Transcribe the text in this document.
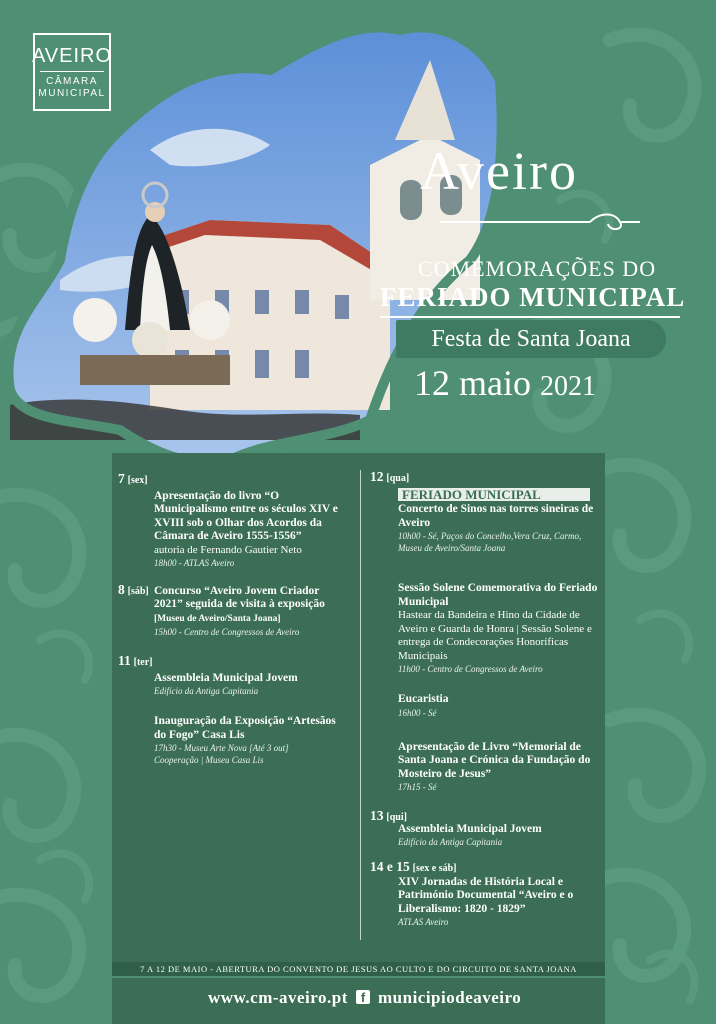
AVEIRO
CÂMARA
MUNICIPAL
Aveiro
COMEMORAÇÕES DO
FERIADO MUNICIPAL
Festa de Santa Joana
12 maio 2021
7 [sex]
Apresentação do livro “O Municipalismo entre os séculos XIV e XVIII sob o Olhar dos Acordos da Câmara de Aveiro 1555-1556”
autoria de Fernando Gautier Neto
18h00 - ATLAS Aveiro
8 [sáb] Concurso “Aveiro Jovem Criador 2021” seguida de visita à exposição
[Museu de Aveiro/Santa Joana]
15h00 - Centro de Congressos de Aveiro
11 [ter]
Assembleia Municipal Jovem
Edifício da Antiga Capitania
Inauguração da Exposição “Artesãos do Fogo” Casa Lis
17h30 - Museu Arte Nova [Até 3 out]
Cooperação | Museu Casa Lis
12 [qua]
FERIADO MUNICIPAL
Concerto de Sinos nas torres sineiras de Aveiro
10h00 - Sé, Paços do Concelho,Vera Cruz, Carmo, Museu de Aveiro/Santa Joana
Sessão Solene Comemorativa do Feriado Municipal
Hastear da Bandeira e Hino da Cidade de Aveiro e Guarda de Honra | Sessão Solene e entrega de Condecorações Honoríficas Municipais
11h00 - Centro de Congressos de Aveiro
Eucaristia
16h00 - Sé
Apresentação de Livro “Memorial de Santa Joana e Crónica da Fundação do Mosteiro de Jesus”
17h15 - Sé
13 [qui]
Assembleia Municipal Jovem
Edifício da Antiga Capitania
14 e 15 [sex e sáb]
XIV Jornadas de História Local e Património Documental “Aveiro e o Liberalismo: 1820 - 1829”
ATLAS Aveiro
7 A 12 DE MAIO - ABERTURA DO CONVENTO DE JESUS AO CULTO E DO CIRCUITO DE SANTA JOANA
www.cm-aveiro.pt f municipiodeaveiro
